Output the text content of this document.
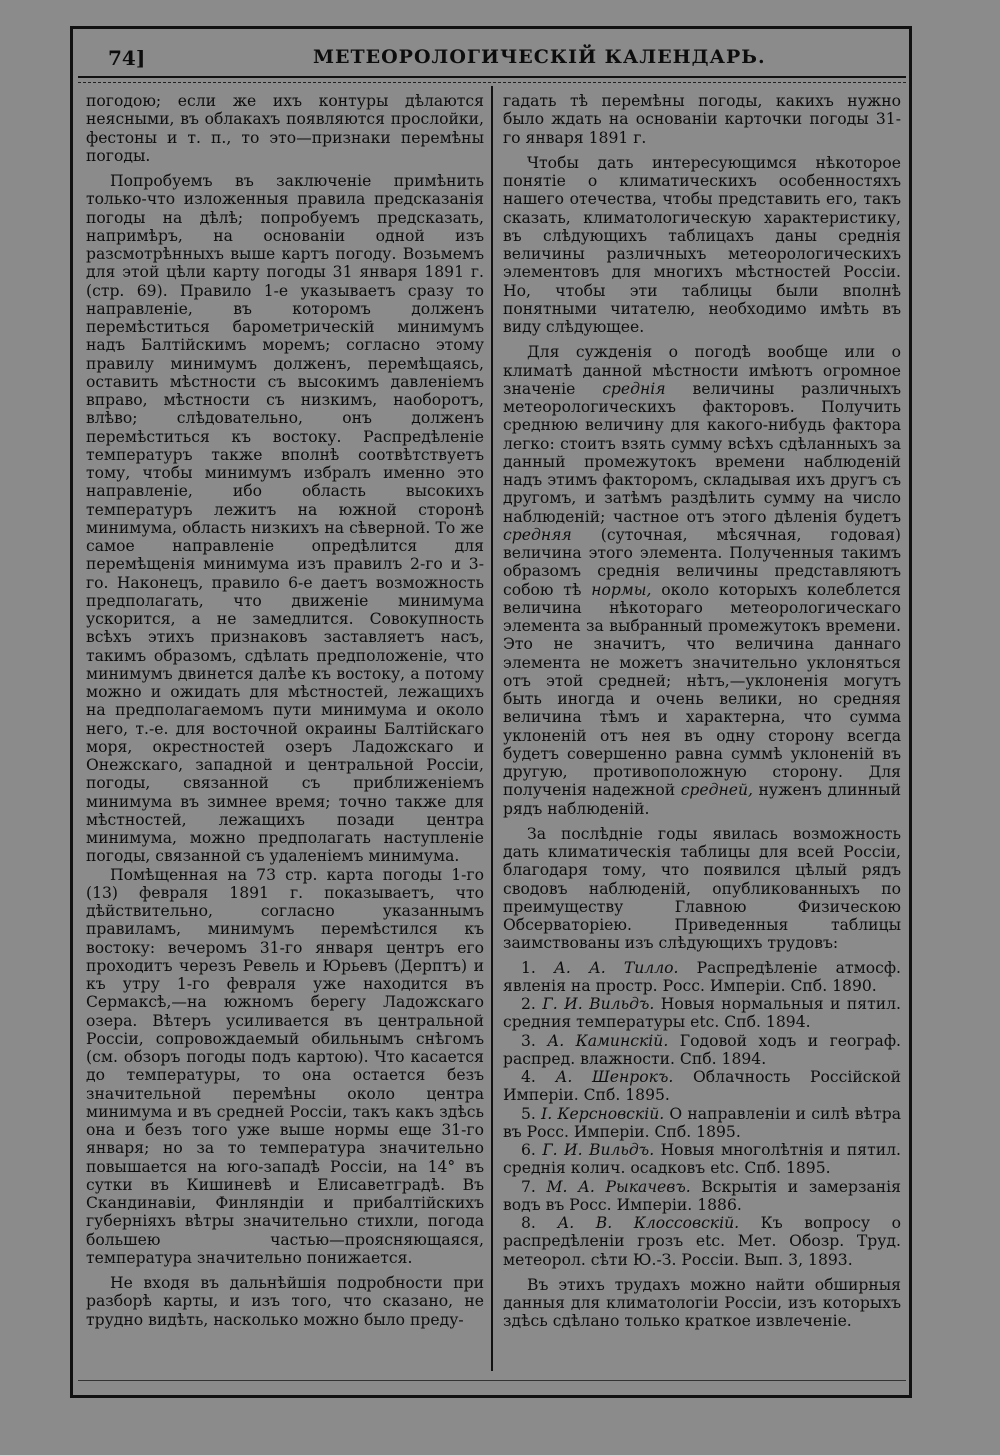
74]	МЕТЕОРОЛОГИЧЕСКІЙ КАЛЕНДАРЬ.

погодою; если же ихъ контуры дѣлаются неясными, въ облакахъ появляются прослойки, фестоны и т. п., то это—признаки перемѣны погоды.

Попробуемъ въ заключеніе примѣнить только-что изложенныя правила предсказанія погоды на дѣлѣ; попробуемъ предсказать, напримѣръ, на основаніи одной изъ разсмотрѣнныхъ выше картъ погоду. Возьмемъ для этой цѣли карту погоды 31 января 1891 г. (стр. 69). Правило 1-е указываетъ сразу то направленіе, въ которомъ долженъ перемѣститься барометрическій минимумъ надъ Балтійскимъ моремъ; согласно этому правилу минимумъ долженъ, перемѣщаясь, оставить мѣстности съ высокимъ давленіемъ вправо, мѣстности съ низкимъ, наоборотъ, влѣво; слѣдовательно, онъ долженъ перемѣститься къ востоку. Распредѣленіе температуръ также вполнѣ соотвѣтствуетъ тому, чтобы минимумъ избралъ именно это направленіе, ибо область высокихъ температуръ лежитъ на южной сторонѣ минимума, область низкихъ на сѣверной. То же самое направленіе опредѣлится для перемѣщенія минимума изъ правилъ 2-го и 3-го. Наконецъ, правило 6-е даетъ возможность предполагать, что движеніе минимума ускорится, а не замедлится. Совокупность всѣхъ этихъ признаковъ заставляетъ насъ, такимъ образомъ, сдѣлать предположеніе, что минимумъ двинется далѣе къ востоку, а потому можно и ожидать для мѣстностей, лежащихъ на предполагаемомъ пути минимума и около него, т.-е. для восточной окраины Балтійскаго моря, окрестностей озеръ Ладожскаго и Онежскаго, западной и центральной Россіи, погоды, связанной съ приближеніемъ минимума въ зимнее время; точно также для мѣстностей, лежащихъ позади центра минимума, можно предполагать наступленіе погоды, связанной съ удаленіемъ минимума.

Помѣщенная на 73 стр. карта погоды 1-го (13) февраля 1891 г. показываетъ, что дѣйствительно, согласно указаннымъ правиламъ, минимумъ перемѣстился къ востоку: вечеромъ 31-го января центръ его проходитъ черезъ Ревель и Юрьевъ (Дерптъ) и къ утру 1-го февраля уже находится въ Сермаксѣ,—на южномъ берегу Ладожскаго озера. Вѣтеръ усиливается въ центральной Россіи, сопровождаемый обильнымъ снѣгомъ (см. обзоръ погоды подъ картою). Что касается до температуры, то она остается безъ значительной перемѣны около центра минимума и въ средней Россіи, такъ какъ здѣсь она и безъ того уже выше нормы еще 31-го января; но за то температура значительно повышается на юго-западѣ Россіи, на 14° въ сутки въ Кишиневѣ и Елисаветградѣ. Въ Скандинавіи, Финляндіи и прибалтійскихъ губерніяхъ вѣтры значительно стихли, погода большею частью—проясняющаяся, температура значительно понижается.

Не входя въ дальнѣйшія подробности при разборѣ карты, и изъ того, что сказано, не трудно видѣть, насколько можно было преду-

гадать тѣ перемѣны погоды, какихъ нужно было ждать на основаніи карточки погоды 31-го января 1891 г.

Чтобы дать интересующимся нѣкоторое понятіе о климатическихъ особенностяхъ нашего отечества, чтобы представить его, такъ сказать, климатологическую характеристику, въ слѣдующихъ таблицахъ даны среднія величины различныхъ метеорологическихъ элементовъ для многихъ мѣстностей Россіи. Но, чтобы эти таблицы были вполнѣ понятными читателю, необходимо имѣть въ виду слѣдующее.

Для сужденія о погодѣ вообще или о климатѣ данной мѣстности имѣютъ огромное значеніе среднія величины различныхъ метеорологическихъ факторовъ. Получить среднюю величину для какого-нибудь фактора легко: стоитъ взять сумму всѣхъ сдѣланныхъ за данный промежутокъ времени наблюденій надъ этимъ факторомъ, складывая ихъ другъ съ другомъ, и затѣмъ раздѣлить сумму на число наблюденій; частное отъ этого дѣленія будетъ средняя (суточная, мѣсячная, годовая) величина этого элемента. Полученныя такимъ образомъ среднія величины представляютъ собою тѣ нормы, около которыхъ колеблется величина нѣкотораго метеорологическаго элемента за выбранный промежутокъ времени. Это не значитъ, что величина даннаго элемента не можетъ значительно уклоняться отъ этой средней; нѣтъ,—уклоненія могутъ быть иногда и очень велики, но средняя величина тѣмъ и характерна, что сумма уклоненій отъ нея въ одну сторону всегда будетъ совершенно равна суммѣ уклоненій въ другую, противоположную сторону. Для полученія надежной средней, нуженъ длинный рядъ наблюденій.

За послѣдніе годы явилась возможность дать климатическія таблицы для всей Россіи, благодаря тому, что появился цѣлый рядъ сводовъ наблюденій, опубликованныхъ по преимуществу Главною Физическою Обсерваторіею. Приведенныя таблицы заимствованы изъ слѣдующихъ трудовъ:

1. А. А. Тилло. Распредѣленіе атмосф. явленія на простр. Росс. Имперіи. Спб. 1890.

2. Г. И. Вильдъ. Новыя нормальныя и пятил. средния температуры etc. Спб. 1894.

3. А. Каминскій. Годовой ходъ и географ. распред. влажности. Спб. 1894.

4. А. Шенрокъ. Облачность Россійской Имперіи. Спб. 1895.

5. І. Керсновскій. О направленіи и силѣ вѣтра въ Росс. Имперіи. Спб. 1895.

6. Г. И. Вильдъ. Новыя многолѣтнія и пятил. среднія колич. осадковъ etc. Спб. 1895.

7. М. А. Рыкачевъ. Вскрытія и замерзанія водъ въ Росс. Имперіи. 1886.

8. А. В. Клоссовскій. Къ вопросу о распредѣленіи грозъ etc. Мет. Обозр. Труд. метеорол. сѣти Ю.-З. Россіи. Вып. 3, 1893.

Въ этихъ трудахъ можно найти обширныя данныя для климатологіи Россіи, изъ которыхъ здѣсь сдѣлано только краткое извлеченіе.
